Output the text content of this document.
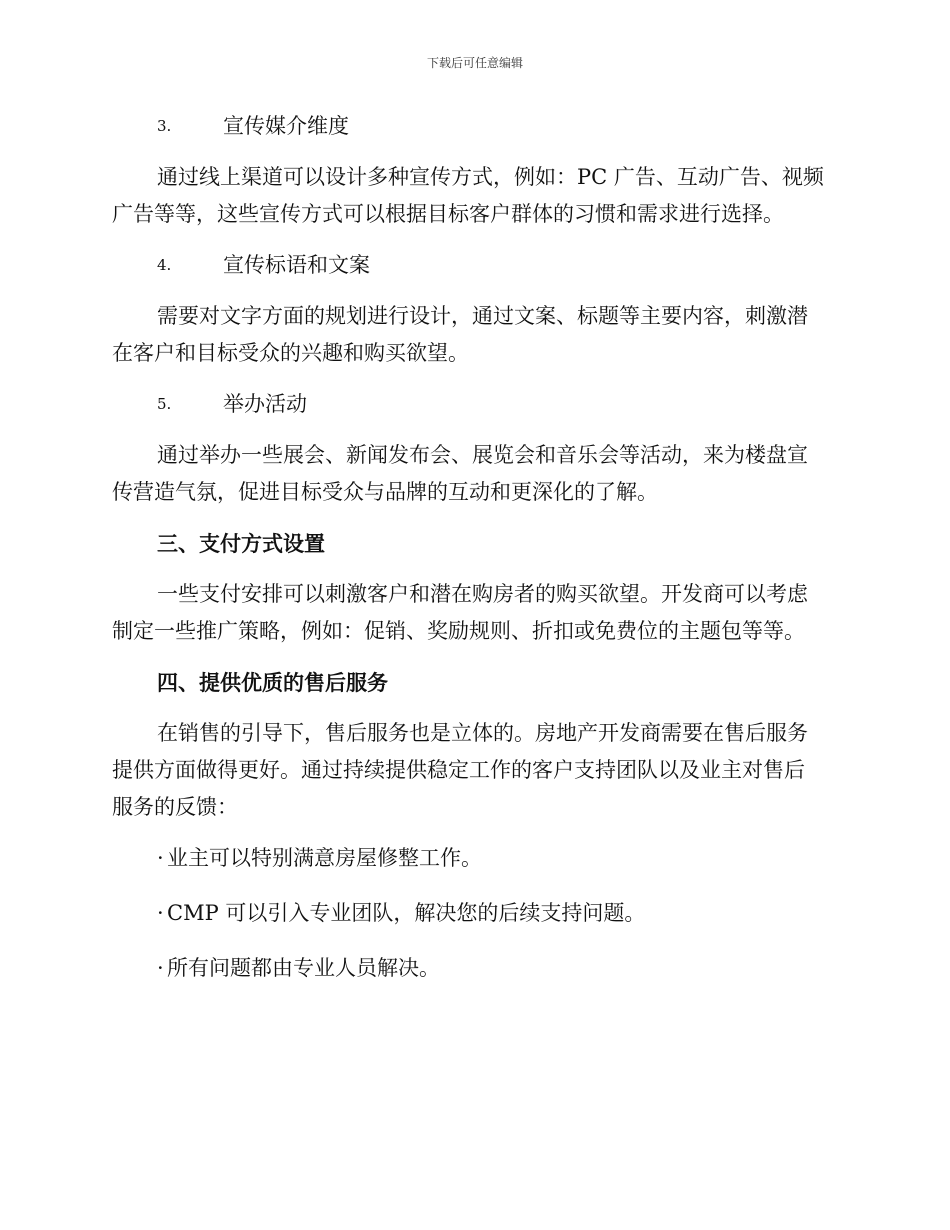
下载后可任意编辑
3.	宣传媒介维度
通过线上渠道可以设计多种宣传方式，例如：PC 广告、互动广告、视频
广告等等，这些宣传方式可以根据目标客户群体的习惯和需求进行选择。
4.	宣传标语和文案
需要对文字方面的规划进行设计，通过文案、标题等主要内容，刺激潜
在客户和目标受众的兴趣和购买欲望。
5.	举办活动
通过举办一些展会、新闻发布会、展览会和音乐会等活动，来为楼盘宣
传营造气氛，促进目标受众与品牌的互动和更深化的了解。
三、支付方式设置
一些支付安排可以刺激客户和潜在购房者的购买欲望。开发商可以考虑
制定一些推广策略，例如：促销、奖励规则、折扣或免费位的主题包等等。
四、提供优质的售后服务
在销售的引导下，售后服务也是立体的。房地产开发商需要在售后服务
提供方面做得更好。通过持续提供稳定工作的客户支持团队以及业主对售后
服务的反馈：
· 业主可以特别满意房屋修整工作。
· CMP 可以引入专业团队，解决您的后续支持问题。
· 所有问题都由专业人员解决。
